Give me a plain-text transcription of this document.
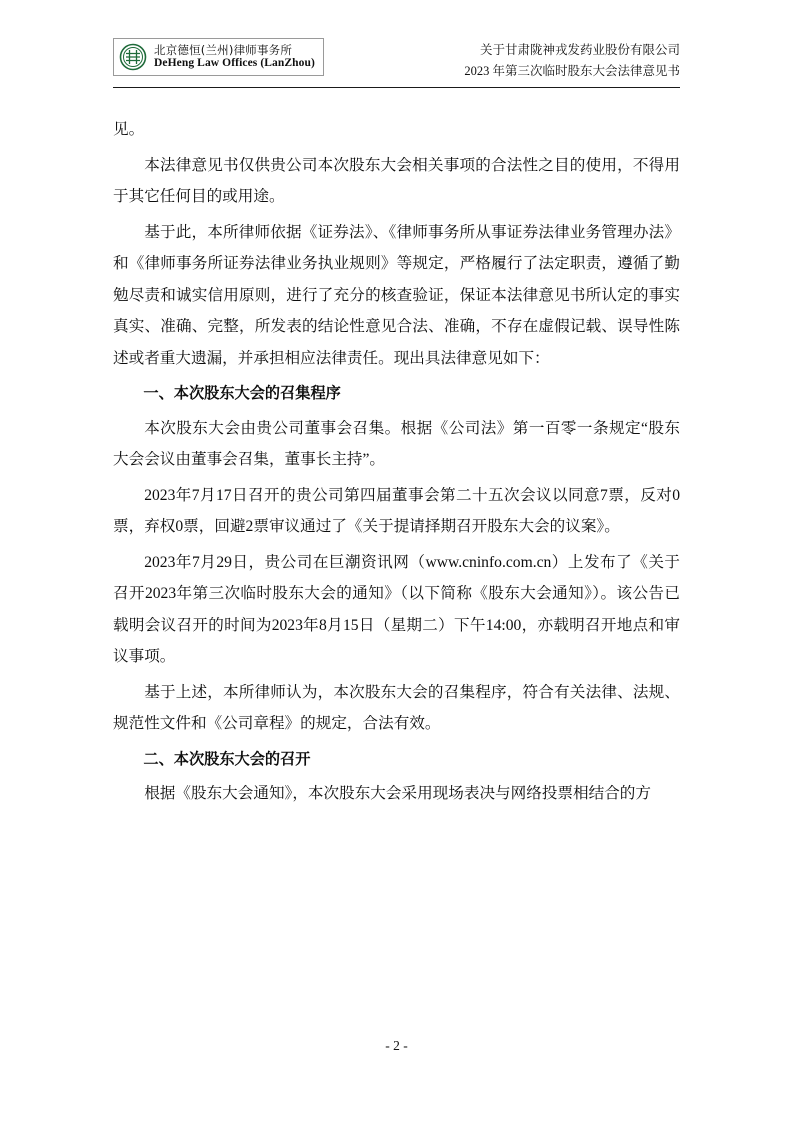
北京德恒(兰州)律师事务所
DeHeng Law Offices (LanZhou)
关于甘肃陇神戎发药业股份有限公司
2023 年第三次临时股东大会法律意见书

见。

本法律意见书仅供贵公司本次股东大会相关事项的合法性之目的使用，不得用于其它任何目的或用途。

基于此，本所律师依据《证券法》、《律师事务所从事证券法律业务管理办法》和《律师事务所证券法律业务执业规则》等规定，严格履行了法定职责，遵循了勤勉尽责和诚实信用原则，进行了充分的核查验证，保证本法律意见书所认定的事实真实、准确、完整，所发表的结论性意见合法、准确，不存在虚假记载、误导性陈述或者重大遗漏，并承担相应法律责任。现出具法律意见如下：

一、本次股东大会的召集程序

本次股东大会由贵公司董事会召集。根据《公司法》第一百零一条规定“股东大会会议由董事会召集，董事长主持”。

2023年7月17日召开的贵公司第四届董事会第二十五次会议以同意7票，反对0票，弃权0票，回避2票审议通过了《关于提请择期召开股东大会的议案》。

2023年7月29日，贵公司在巨潮资讯网（www.cninfo.com.cn）上发布了《关于召开2023年第三次临时股东大会的通知》（以下简称《股东大会通知》）。该公告已载明会议召开的时间为2023年8月15日（星期二）下午14:00，亦载明召开地点和审议事项。

基于上述，本所律师认为，本次股东大会的召集程序，符合有关法律、法规、规范性文件和《公司章程》的规定，合法有效。

二、本次股东大会的召开

根据《股东大会通知》，本次股东大会采用现场表决与网络投票相结合的方

- 2 -
